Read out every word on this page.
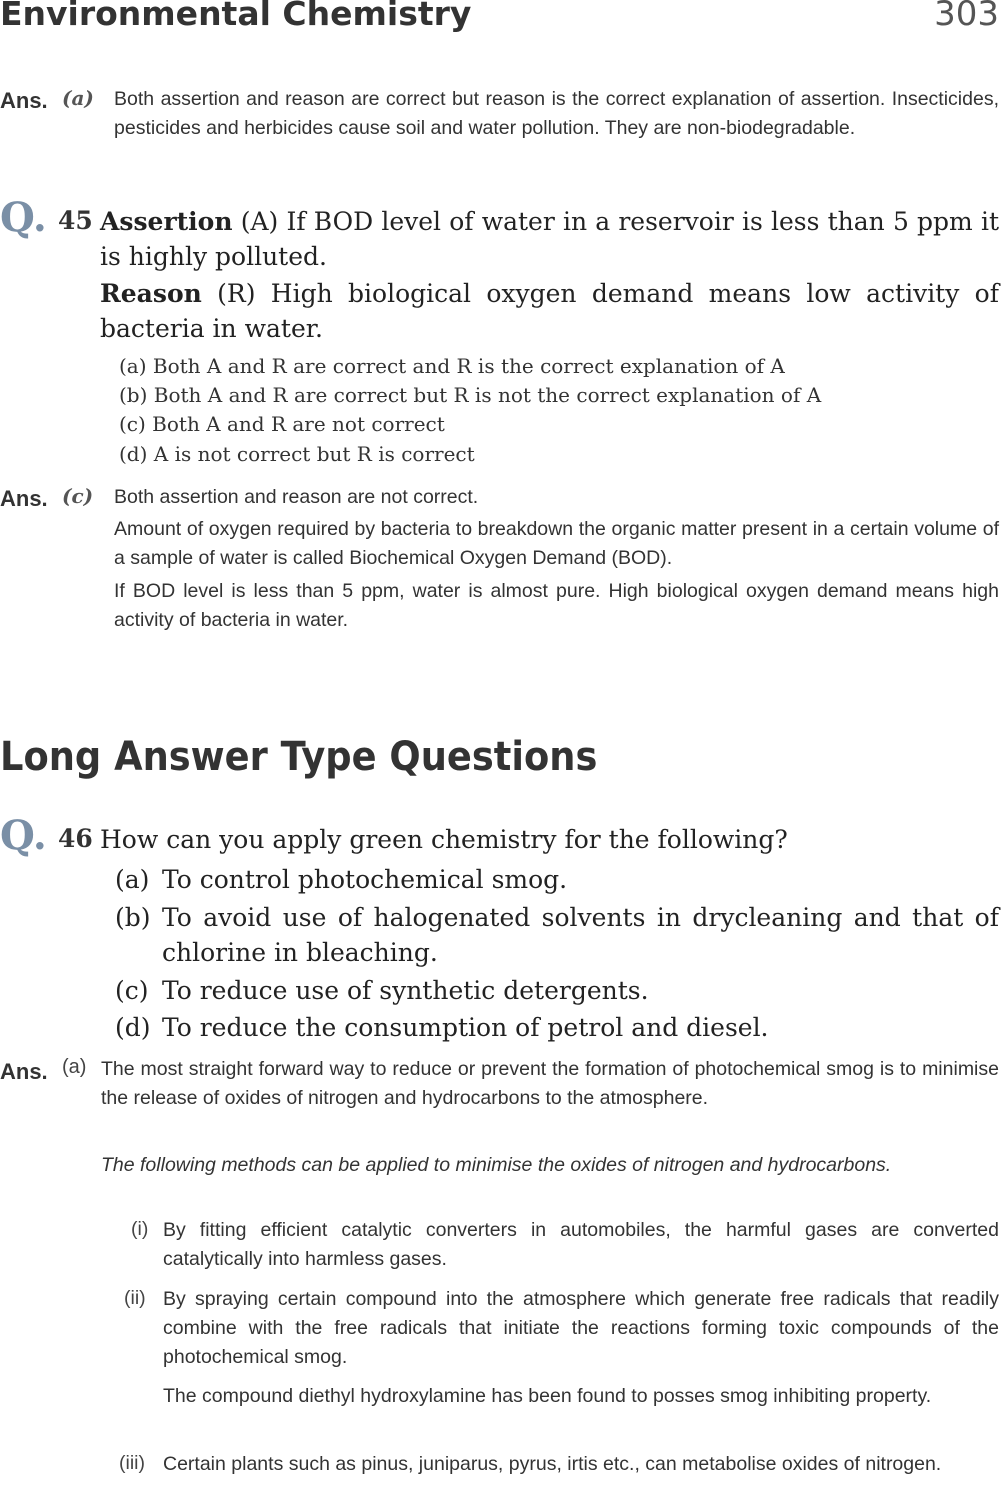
Environmental Chemistry	303
Ans. (a) Both assertion and reason are correct but reason is the correct explanation of assertion. Insecticides, pesticides and herbicides cause soil and water pollution. They are non-biodegradable.
Q. 45 Assertion (A) If BOD level of water in a reservoir is less than 5 ppm it is highly polluted.
Reason (R) High biological oxygen demand means low activity of bacteria in water.
(a) Both A and R are correct and R is the correct explanation of A
(b) Both A and R are correct but R is not the correct explanation of A
(c) Both A and R are not correct
(d) A is not correct but R is correct
Ans. (c) Both assertion and reason are not correct.
Amount of oxygen required by bacteria to breakdown the organic matter present in a certain volume of a sample of water is called Biochemical Oxygen Demand (BOD).
If BOD level is less than 5 ppm, water is almost pure. High biological oxygen demand means high activity of bacteria in water.
Long Answer Type Questions
Q. 46 How can you apply green chemistry for the following?
(a) To control photochemical smog.
(b) To avoid use of halogenated solvents in drycleaning and that of chlorine in bleaching.
(c) To reduce use of synthetic detergents.
(d) To reduce the consumption of petrol and diesel.
Ans. (a) The most straight forward way to reduce or prevent the formation of photochemical smog is to minimise the release of oxides of nitrogen and hydrocarbons to the atmosphere.
The following methods can be applied to minimise the oxides of nitrogen and hydrocarbons.
(i) By fitting efficient catalytic converters in automobiles, the harmful gases are converted catalytically into harmless gases.
(ii) By spraying certain compound into the atmosphere which generate free radicals that readily combine with the free radicals that initiate the reactions forming toxic compounds of the photochemical smog.
The compound diethyl hydroxylamine has been found to posses smog inhibiting property.
(iii) Certain plants such as pinus, juniparus, pyrus, irtis etc., can metabolise oxides of nitrogen.
